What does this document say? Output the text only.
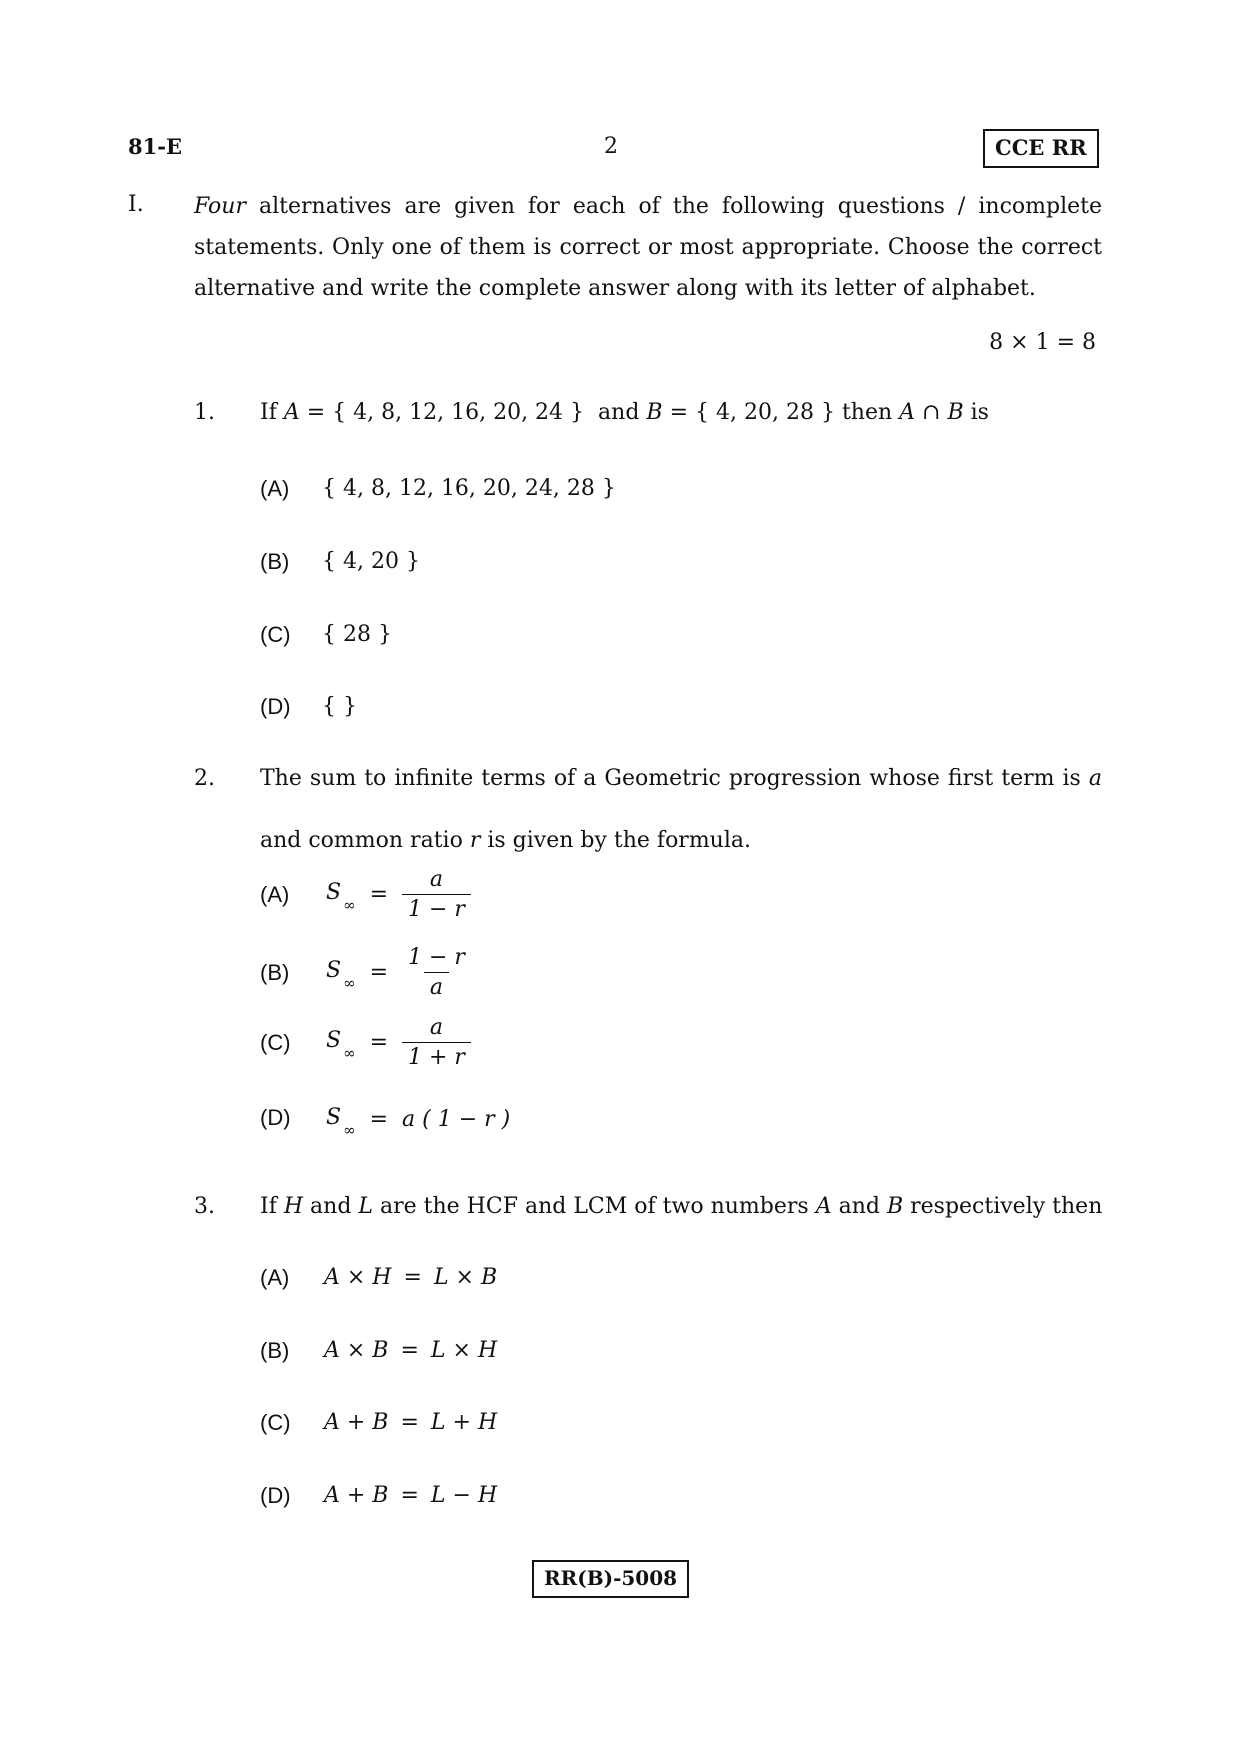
81-E	2	CCE RR
I. Four alternatives are given for each of the following questions / incomplete
statements. Only one of them is correct or most appropriate. Choose the correct
alternative and write the complete answer along with its letter of alphabet.
8 × 1 = 8
1. If A = { 4, 8, 12, 16, 20, 24 } and B = { 4, 20, 28 } then A ∩ B is
(A) { 4, 8, 12, 16, 20, 24, 28 }
(B) { 4, 20 }
(C) { 28 }
(D) { }
2. The sum to infinite terms of a Geometric progression whose first term is a
and common ratio r is given by the formula.
(A) $S_\infty = \frac{a}{1 - r}$
(B) $S_\infty = \frac{1 - r}{a}$
(C) $S_\infty = \frac{a}{1 + r}$
(D) $S_\infty = a$ ( 1 − r )
3. If H and L are the HCF and LCM of two numbers A and B respectively then
(A) A × H = L × B
(B) A × B = L × H
(C) A + B = L + H
(D) A + B = L − H
RR(B)-5008
